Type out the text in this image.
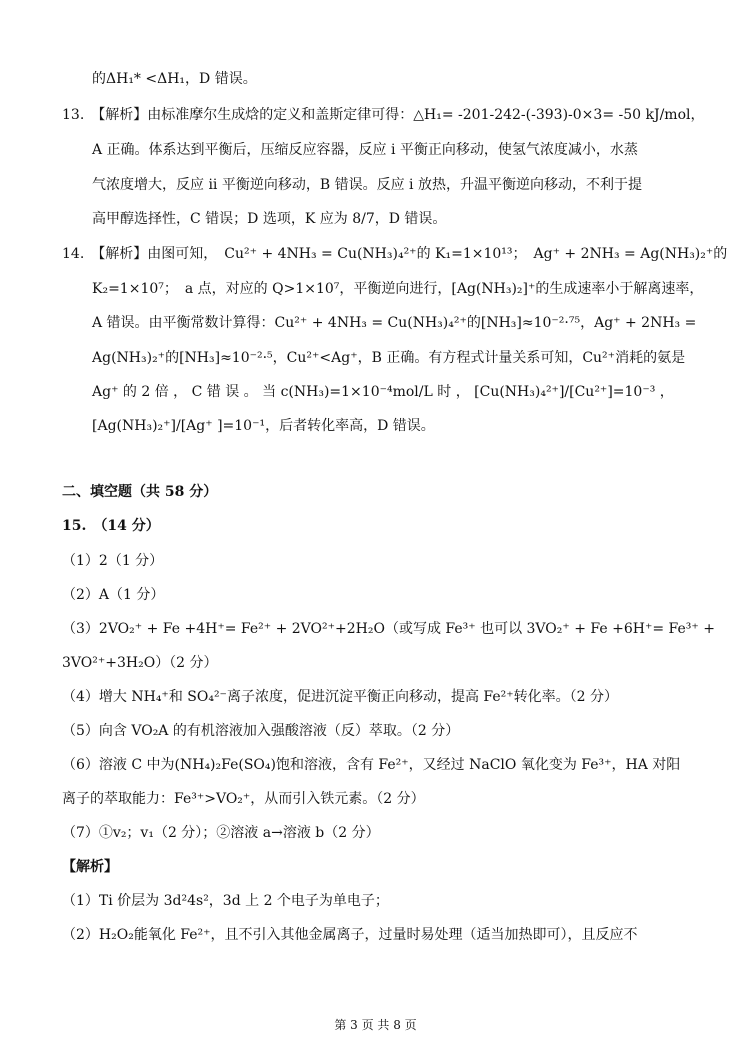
的ΔH₁* <ΔH₁，D 错误。
13.　【解析】由标准摩尔生成焓的定义和盖斯定律可得：△H₁= -201-242-(-393)-0×3= -50 kJ/mol，
A 正确。体系达到平衡后，压缩反应容器，反应 i 平衡正向移动，使氢气浓度减小，水蒸
气浓度增大，反应 ii 平衡逆向移动，B 错误。反应 i 放热，升温平衡逆向移动，不利于提
高甲醇选择性，C 错误；D 选项，K 应为 8/7，D 错误。
14.　【解析】由图可知，　Cu²⁺ + 4NH₃ = Cu(NH₃)₄²⁺的 K₁=1×10¹³；　Ag⁺ + 2NH₃ = Ag(NH₃)₂⁺的
K₂=1×10⁷；　a 点，对应的 Q>1×10⁷，平衡逆向进行，[Ag(NH₃)₂]⁺的生成速率小于解离速率，
A 错误。由平衡常数计算得：Cu²⁺ + 4NH₃ = Cu(NH₃)₄²⁺的[NH₃]≈10⁻²·⁷⁵，Ag⁺ + 2NH₃ =
Ag(NH₃)₂⁺的[NH₃]≈10⁻²·⁵，Cu²⁺<Ag⁺，B 正确。有方程式计量关系可知，Cu²⁺消耗的氨是
Ag⁺ 的 2 倍 ， C 错 误 。 当 c(NH₃)=1×10⁻⁴mol/L 时 ， [Cu(NH₃)₄²⁺]/[Cu²⁺]=10⁻³ ，
[Ag(NH₃)₂⁺]/[Ag⁺ ]=10⁻¹，后者转化率高，D 错误。
二、填空题（共 58 分）
15.　（14 分）
（1）2（1 分）
（2）A（1 分）
（3）2VO₂⁺ + Fe +4H⁺= Fe²⁺ + 2VO²⁺+2H₂O（或写成 Fe³⁺ 也可以 3VO₂⁺ + Fe +6H⁺= Fe³⁺ +
3VO²⁺+3H₂O）（2 分）
（4）增大 NH₄⁺和 SO₄²⁻离子浓度，促进沉淀平衡正向移动，提高 Fe²⁺转化率。（2 分）
（5）向含 VO₂A 的有机溶液加入强酸溶液（反）萃取。（2 分）
（6）溶液 C 中为(NH₄)₂Fe(SO₄)饱和溶液，含有 Fe²⁺，又经过 NaClO 氧化变为 Fe³⁺，HA 对阳
离子的萃取能力：Fe³⁺>VO₂⁺，从而引入铁元素。（2 分）
（7）①v₂；v₁（2 分）；②溶液 a→溶液 b（2 分）
【解析】
（1）Ti 价层为 3d²4s²，3d 上 2 个电子为单电子；
（2）H₂O₂能氧化 Fe²⁺，且不引入其他金属离子，过量时易处理（适当加热即可），且反应不
第 3 页 共 8 页
